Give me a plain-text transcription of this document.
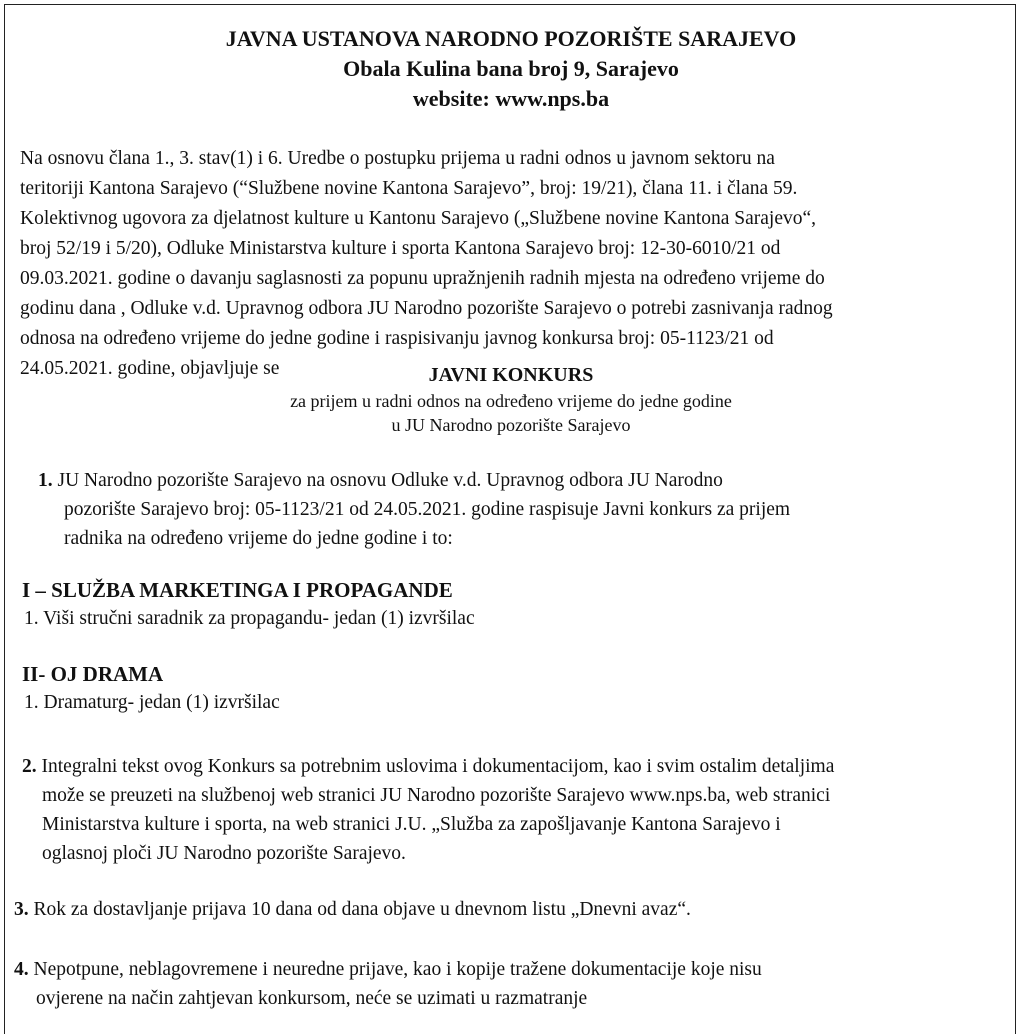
JAVNA USTANOVA NARODNO POZORIŠTE SARAJEVO
Obala Kulina bana broj 9, Sarajevo
website: www.nps.ba
Na osnovu člana 1., 3. stav(1) i 6. Uredbe o postupku prijema u radni odnos u javnom sektoru na
teritoriji Kantona Sarajevo (“Službene novine Kantona Sarajevo”, broj: 19/21), člana 11. i člana 59.
Kolektivnog ugovora za djelatnost kulture u Kantonu Sarajevo („Službene novine Kantona Sarajevo“,
broj 52/19 i 5/20), Odluke Ministarstva kulture i sporta Kantona Sarajevo broj: 12-30-6010/21 od
09.03.2021. godine o davanju saglasnosti za popunu upražnjenih radnih mjesta na određeno vrijeme do
godinu dana , Odluke v.d. Upravnog odbora JU Narodno pozorište Sarajevo o potrebi zasnivanja radnog
odnosa na određeno vrijeme do jedne godine i raspisivanju javnog konkursa broj: 05-1123/21 od
24.05.2021. godine, objavljuje se	JAVNI KONKURS
za prijem u radni odnos na određeno vrijeme do jedne godine
u JU Narodno pozorište Sarajevo
1. JU Narodno pozorište Sarajevo na osnovu Odluke v.d. Upravnog odbora JU Narodno
pozorište Sarajevo broj: 05-1123/21 od 24.05.2021. godine raspisuje Javni konkurs za prijem
radnika na određeno vrijeme do jedne godine i to:
I – SLUŽBA MARKETINGA I PROPAGANDE
1. Viši stručni saradnik za propagandu- jedan (1) izvršilac
II- OJ DRAMA
1. Dramaturg- jedan (1) izvršilac
2. Integralni tekst ovog Konkurs sa potrebnim uslovima i dokumentacijom, kao i svim ostalim detaljima
može se preuzeti na službenoj web stranici JU Narodno pozorište Sarajevo www.nps.ba, web stranici
Ministarstva kulture i sporta, na web stranici J.U. „Služba za zapošljavanje Kantona Sarajevo i
oglasnoj ploči JU Narodno pozorište Sarajevo.
3. Rok za dostavljanje prijava 10 dana od dana objave u dnevnom listu „Dnevni avaz“.
4. Nepotpune, neblagovremene i neuredne prijave, kao i kopije tražene dokumentacije koje nisu
ovjerene na način zahtjevan konkursom, neće se uzimati u razmatranje
